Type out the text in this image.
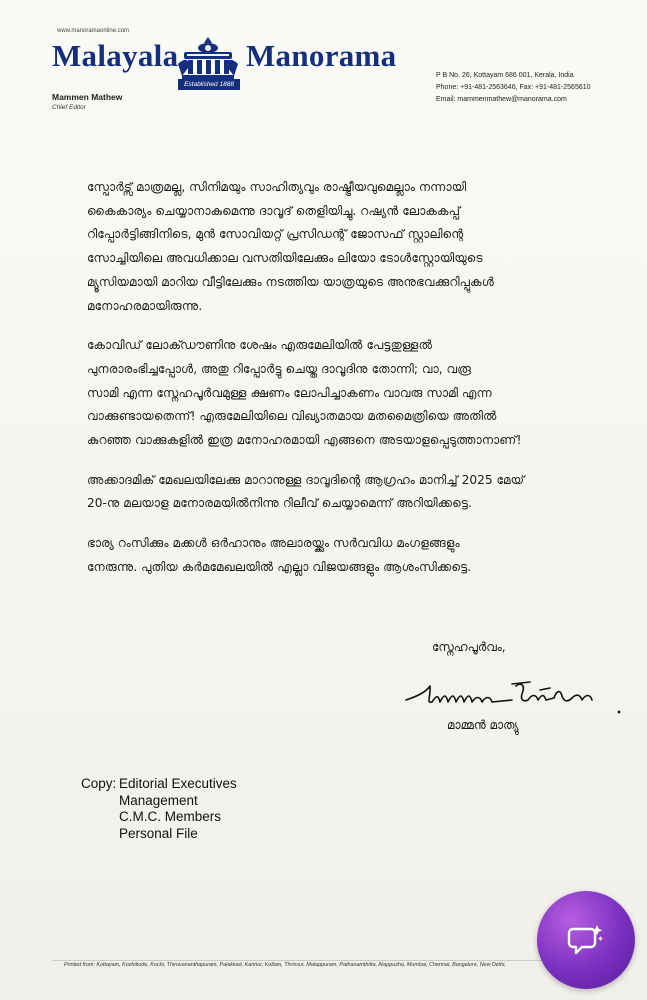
www.manoramaonline.com
Malayala Manorama
Established 1888
Mammen Mathew
Chief Editor
P B No. 26, Kottayam 686 001, Kerala, India
Phone: +91-481-2563646, Fax: +91-481-2565610
Email: mammenmathew@manorama.com
സ്പോർട്സ് മാത്രമല്ല, സിനിമയും സാഹിത്യവും രാഷ്ട്രീയവുമെല്ലാം നന്നായി
കൈകാര്യം ചെയ്യാനാകുമെന്നു ദാവൂദ് തെളിയിച്ചു. റഷ്യൻ ലോകകപ്പ്
റിപ്പോർട്ടിങ്ങിനിടെ, മുൻ സോവിയറ്റ് പ്രസിഡന്റ് ജോസഫ് സ്റ്റാലിന്റെ
സോച്ചിയിലെ അവധിക്കാല വസതിയിലേക്കും ലിയോ ടോൾസ്റ്റോയിയുടെ
മ്യൂസിയമായി മാറിയ വീട്ടിലേക്കും നടത്തിയ യാത്രയുടെ അനുഭവക്കുറിപ്പുകൾ
മനോഹരമായിരുന്നു.
കോവിഡ് ലോക്ഡൗണിനു ശേഷം എരുമേലിയിൽ പേട്ടതുള്ളൽ
പുനരാരംഭിച്ചപ്പോൾ, അതു റിപ്പോർട്ടു ചെയ്ത ദാവൂദിനു തോന്നി; വാ, വരൂ
സാമി എന്ന സ്നേഹപൂർവമുള്ള ക്ഷണം ലോപിച്ചാകണം വാവരു സാമി എന്ന
വാക്കുണ്ടായതെന്ന്! എരുമേലിയിലെ വിഖ്യാതമായ മതമൈത്രിയെ അതിൽ
കുറഞ്ഞ വാക്കുകളിൽ ഇത്ര മനോഹരമായി എങ്ങനെ അടയാളപ്പെടുത്താനാണ്!
അക്കാദമിക് മേഖലയിലേക്കു മാറാനുള്ള ദാവൂദിന്റെ ആഗ്രഹം മാനിച്ച് 2025 മേയ്
20-നു മലയാള മനോരമയിൽനിന്നു റിലീവ് ചെയ്യാമെന്ന് അറിയിക്കട്ടെ.
ഭാര്യ റംസിക്കും മക്കൾ ഒർഹാനും അലാരയ്ക്കും സർവവിധ മംഗളങ്ങളും
നേരുന്നു. പുതിയ കർമമേഖലയിൽ എല്ലാ വിജയങ്ങളും ആശംസിക്കട്ടെ.
സ്നേഹപൂർവം,
മാമ്മൻ മാത്യു
Copy: Editorial Executives
Management
C.M.C. Members
Personal File
Printed from: Kottayam, Kozhikode, Kochi, Thiruvananthapuram, Palakkad, Kannur, Kollam, Thrissur, Malappuram, Pathanamthitta, Alappuzha, Mumbai, Chennai, Bangalore, New Delhi,
